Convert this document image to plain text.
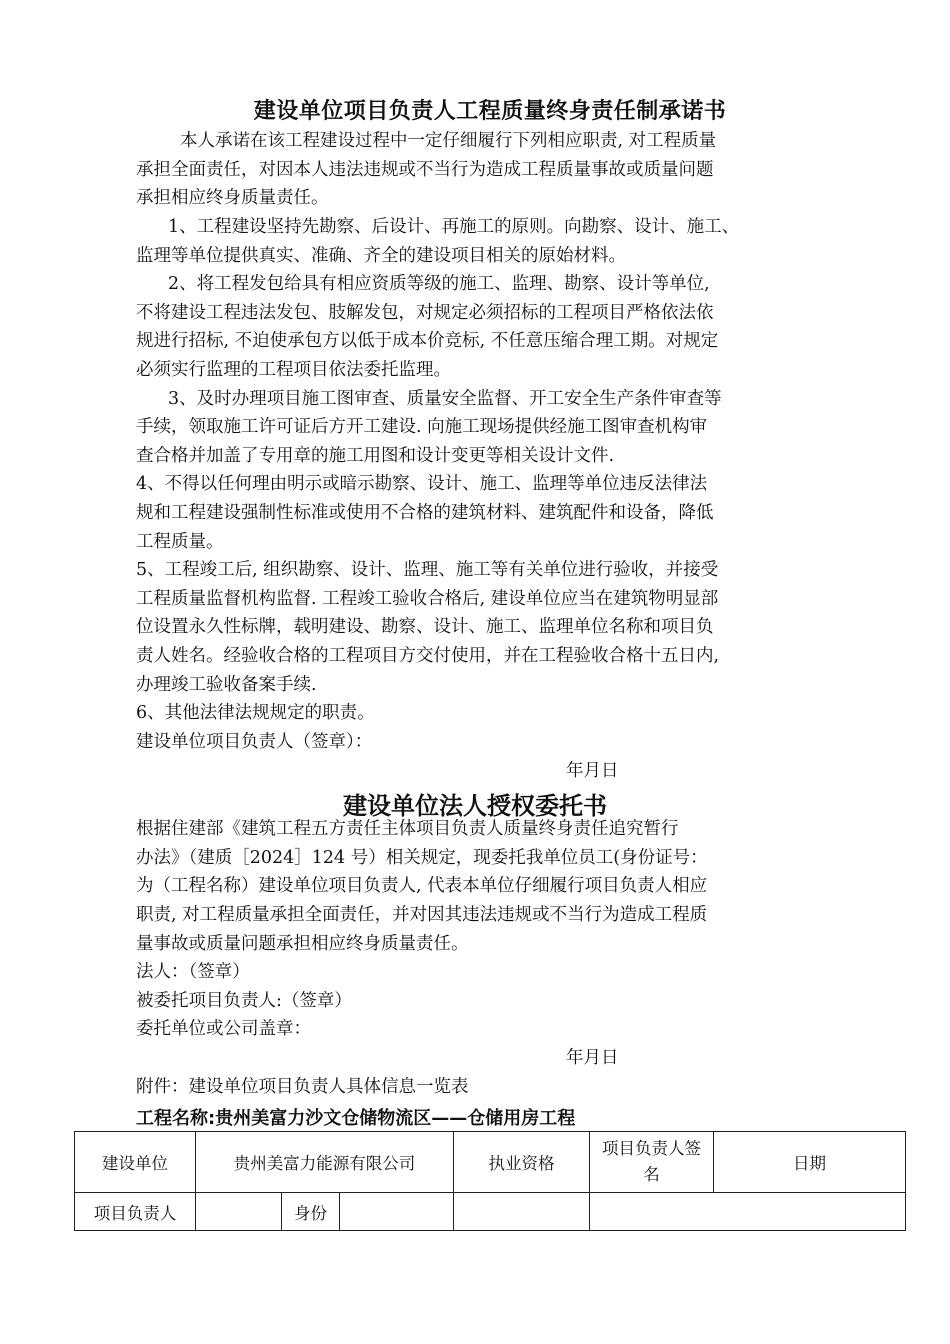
建设单位项目负责人工程质量终身责任制承诺书
本人承诺在该工程建设过程中一定仔细履行下列相应职责, 对工程质量
承担全面责任，对因本人违法违规或不当行为造成工程质量事故或质量问题
承担相应终身质量责任。
1、工程建设坚持先勘察、后设计、再施工的原则。向勘察、设计、施工、
监理等单位提供真实、准确、齐全的建设项目相关的原始材料。
2、将工程发包给具有相应资质等级的施工、监理、勘察、设计等单位,
不将建设工程违法发包、肢解发包，对规定必须招标的工程项目严格依法依
规进行招标, 不迫使承包方以低于成本价竞标, 不任意压缩合理工期。对规定
必须实行监理的工程项目依法委托监理。
3、及时办理项目施工图审查、质量安全监督、开工安全生产条件审查等
手续，领取施工许可证后方开工建设. 向施工现场提供经施工图审查机构审
查合格并加盖了专用章的施工用图和设计变更等相关设计文件.
4、不得以任何理由明示或暗示勘察、设计、施工、监理等单位违反法律法
规和工程建设强制性标准或使用不合格的建筑材料、建筑配件和设备，降低
工程质量。
5、工程竣工后, 组织勘察、设计、监理、施工等有关单位进行验收，并接受
工程质量监督机构监督. 工程竣工验收合格后, 建设单位应当在建筑物明显部
位设置永久性标牌，载明建设、勘察、设计、施工、监理单位名称和项目负
责人姓名。经验收合格的工程项目方交付使用，并在工程验收合格十五日内,
办理竣工验收备案手续.
6、其他法律法规规定的职责。
建设单位项目负责人（签章）：
年月日
建设单位法人授权委托书
根据住建部《建筑工程五方责任主体项目负责人质量终身责任追究暂行
办法》（建质［2024］124 号）相关规定，现委托我单位员工(身份证号：
为（工程名称）建设单位项目负责人, 代表本单位仔细履行项目负责人相应
职责, 对工程质量承担全面责任，并对因其违法违规或不当行为造成工程质
量事故或质量问题承担相应终身质量责任。
法人：（签章）
被委托项目负责人:（签章）
委托单位或公司盖章：
年月日
附件：建设单位项目负责人具体信息一览表
工程名称:贵州美富力沙文仓储物流区——仓储用房工程
建设单位	贵州美富力能源有限公司			执业资格	项目负责人签名	日期
项目负责人		身份				
